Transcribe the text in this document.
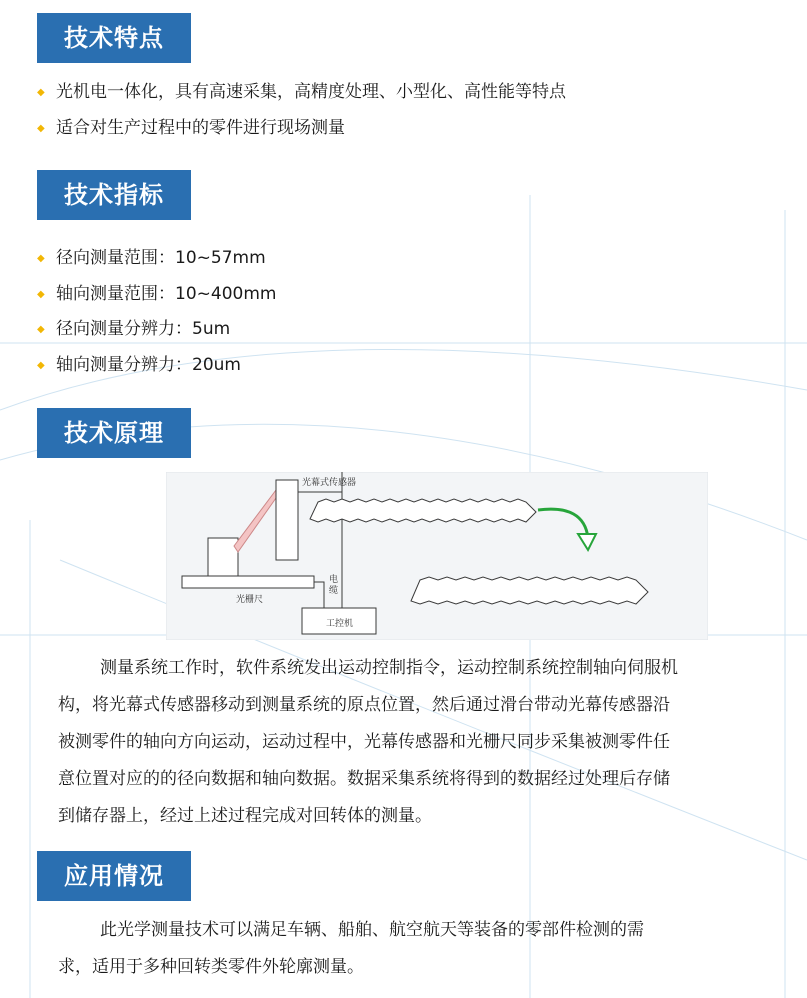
技术特点
◆ 光机电一体化，具有高速采集，高精度处理、小型化、高性能等特点
◆ 适合对生产过程中的零件进行现场测量
技术指标
◆ 径向测量范围：10~57mm
◆ 轴向测量范围：10~400mm
◆ 径向测量分辨力：5um
◆ 轴向测量分辨力：20um
技术原理
光幕式传感器
光栅尺
电
缆
工控机
测量系统工作时，软件系统发出运动控制指令，运动控制系统控制轴向伺服机
构，将光幕式传感器移动到测量系统的原点位置，然后通过滑台带动光幕传感器沿
被测零件的轴向方向运动，运动过程中，光幕传感器和光栅尺同步采集被测零件任
意位置对应的的径向数据和轴向数据。数据采集系统将得到的数据经过处理后存储
到储存器上，经过上述过程完成对回转体的测量。
应用情况
此光学测量技术可以满足车辆、船舶、航空航天等装备的零部件检测的需
求，适用于多种回转类零件外轮廓测量。
